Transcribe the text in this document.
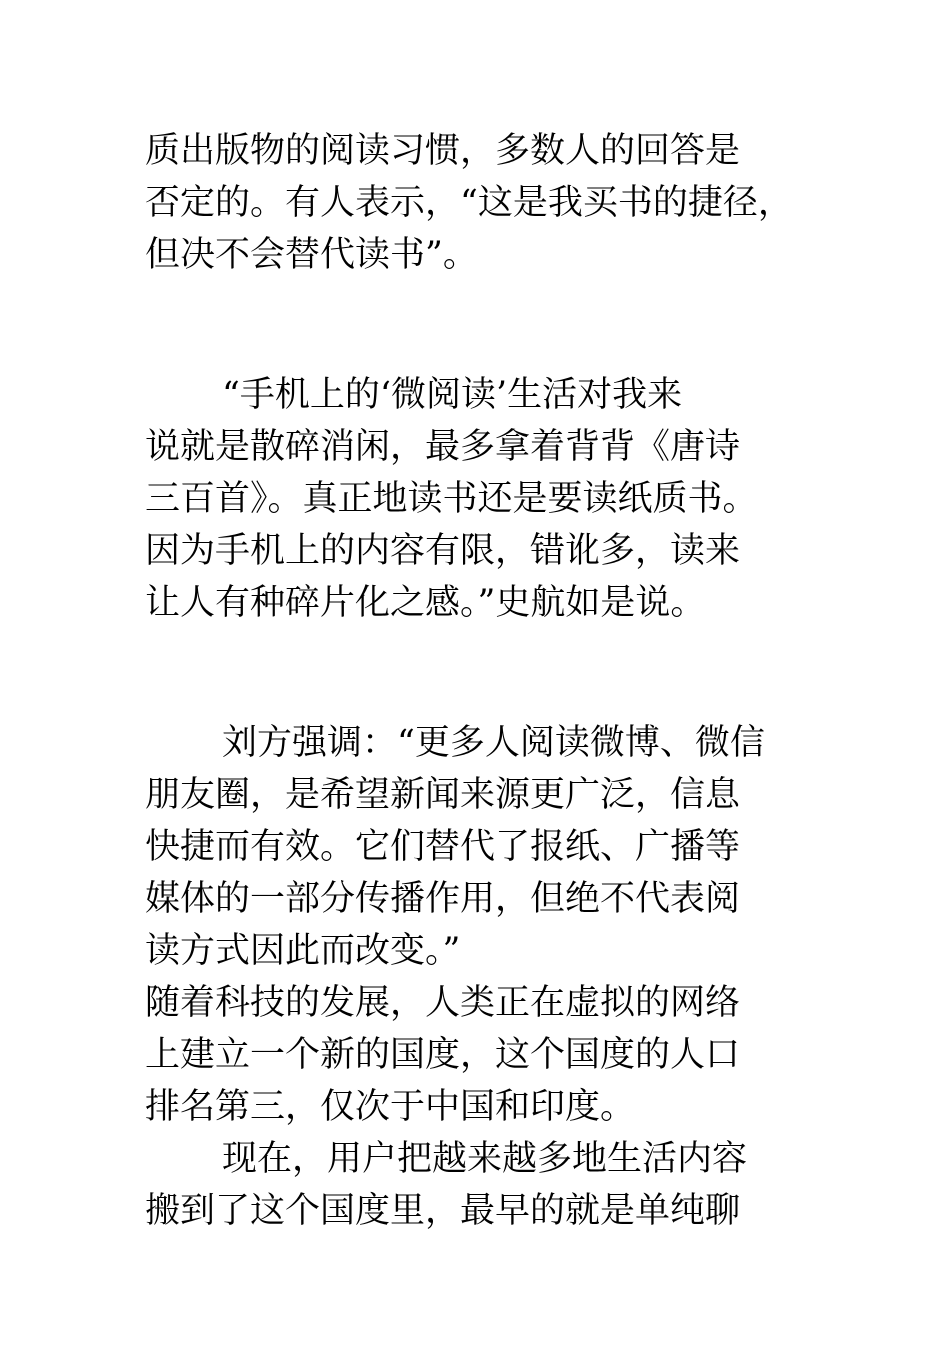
质出版物的阅读习惯，多数人的回答是
否定的。有人表示，“这是我买书的捷径，
但决不会替代读书”。
“手机上的‘微阅读’生活对我来
说就是散碎消闲，最多拿着背背《唐诗
三百首》。真正地读书还是要读纸质书。
因为手机上的内容有限，错讹多，读来
让人有种碎片化之感。”史航如是说。
刘方强调：“更多人阅读微博、微信
朋友圈，是希望新闻来源更广泛，信息
快捷而有效。它们替代了报纸、广播等
媒体的一部分传播作用，但绝不代表阅
读方式因此而改变。”
随着科技的发展，人类正在虚拟的网络
上建立一个新的国度，这个国度的人口
排名第三，仅次于中国和印度。
现在，用户把越来越多地生活内容
搬到了这个国度里，最早的就是单纯聊
